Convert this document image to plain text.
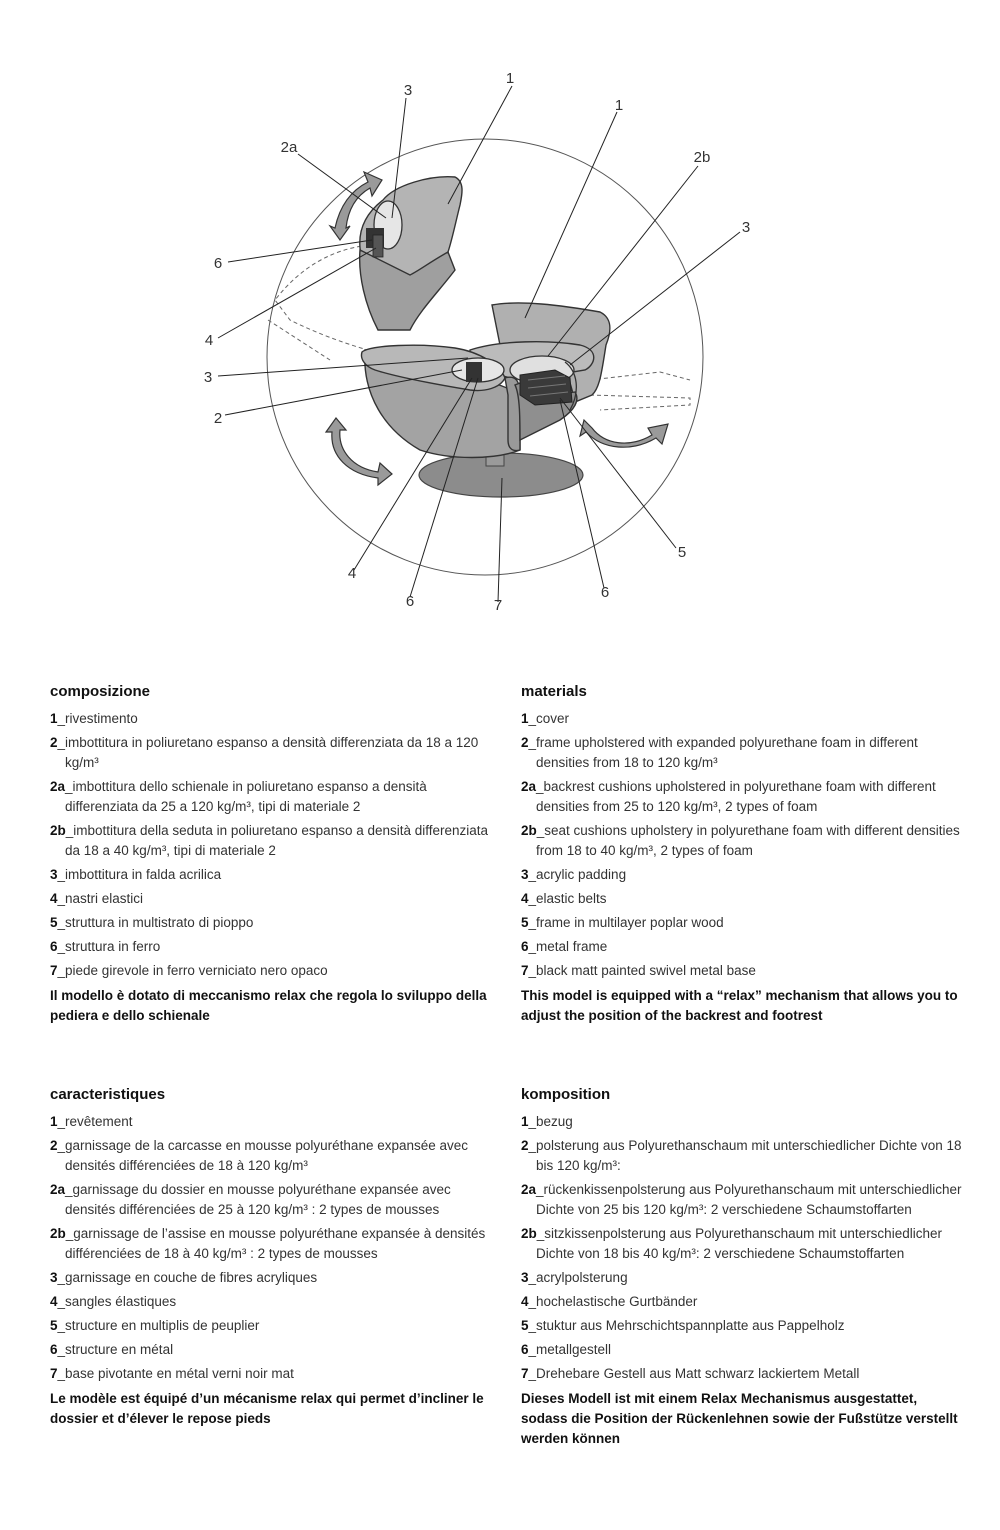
1
1
2b
3
3
2a
6
4
3
2
5
6
7
6
4
composizione

1_rivestimento

2_imbottitura in poliuretano espanso a densità differenziata da 18 a 120 kg/m³

2a_imbottitura dello schienale in poliuretano espanso a densità differenziata da 25 a 120 kg/m³, tipi di materiale 2

2b_imbottitura della seduta in poliuretano espanso a densità differenziata da 18 a 40 kg/m³, tipi di materiale 2

3_imbottitura in falda acrilica

4_nastri elastici

5_struttura in multistrato di pioppo

6_struttura in ferro

7_piede girevole in ferro verniciato nero opaco

Il modello è dotato di meccanismo relax che regola lo sviluppo della pediera e dello schienale

materials

1_cover

2_frame upholstered with expanded polyurethane foam in different densities from 18 to 120 kg/m³

2a_backrest cushions upholstered in polyurethane foam with different densities from 25 to 120 kg/m³, 2 types of foam

2b_seat cushions upholstery in polyurethane foam with different densities from 18 to 40 kg/m³, 2 types of foam

3_acrylic padding

4_elastic belts

5_frame in multilayer poplar wood

6_metal frame

7_black matt painted swivel metal base

This model is equipped with a “relax” mechanism that allows you to adjust the position of the backrest and footrest

caracteristiques

1_revêtement

2_garnissage de la carcasse en mousse polyuréthane expansée avec densités différenciées de 18 à 120 kg/m³

2a_garnissage du dossier en mousse polyuréthane expansée avec densités différenciées de 25 à 120 kg/m³ : 2 types de mousses

2b_garnissage de l’assise en mousse polyuréthane expansée à densités différenciées de 18 à 40 kg/m³ : 2 types de mousses

3_garnissage en couche de fibres acryliques

4_sangles élastiques

5_structure en multiplis de peuplier

6_structure en métal

7_base pivotante en métal verni noir mat

Le modèle est équipé d’un mécanisme relax qui permet d’incliner le dossier et d’élever le repose pieds

komposition

1_bezug

2_polsterung aus Polyurethanschaum mit unterschiedlicher Dichte von 18 bis 120 kg/m³:

2a_rückenkissenpolsterung aus Polyurethanschaum mit unterschiedlicher Dichte von 25 bis 120 kg/m³: 2 verschiedene Schaumstoffarten

2b_sitzkissenpolsterung aus Polyurethanschaum mit unterschiedlicher Dichte von 18 bis 40 kg/m³: 2 verschiedene Schaumstoffarten

3_acrylpolsterung

4_hochelastische Gurtbänder

5_stuktur aus Mehrschichtspannplatte aus Pappelholz

6_metallgestell

7_Drehebare Gestell aus Matt schwarz lackiertem Metall

Dieses Modell ist mit einem Relax Mechanismus ausgestattet, sodass die Position der Rückenlehnen sowie der Fußstütze verstellt werden können
